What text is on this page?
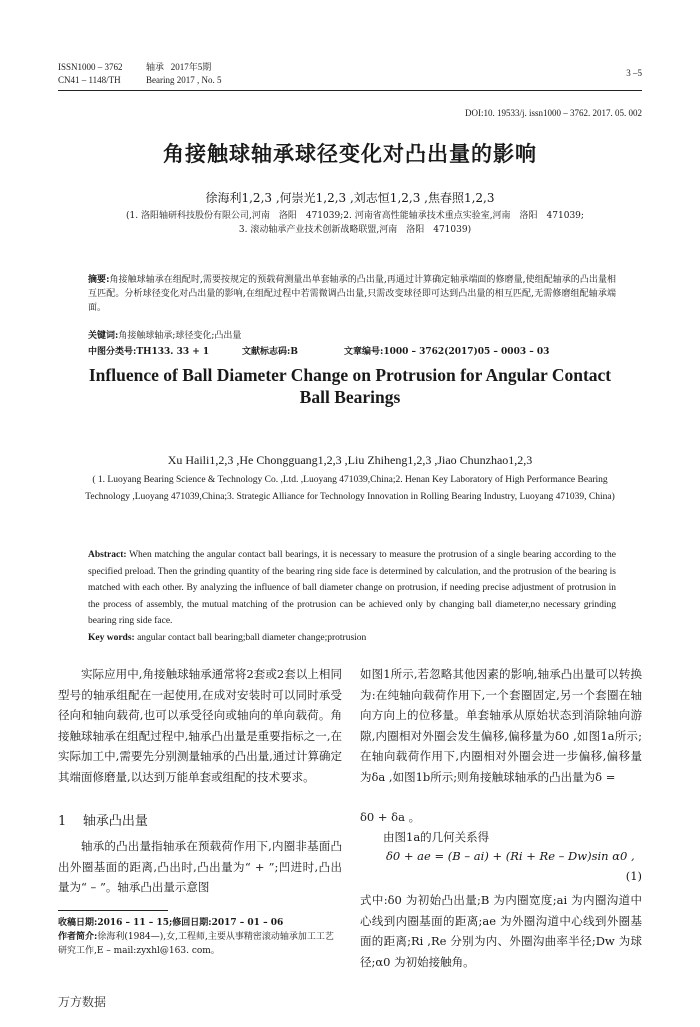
ISSN1000 – 3762	轴承 2017年5期
CN41 – 1148/TH	Bearing 2017 , No. 5
3 –5
DOI:10. 19533/j. issn1000 – 3762. 2017. 05. 002
角接触球轴承球径变化对凸出量的影响
徐海利1,2,3 ,何崇光1,2,3 ,刘志恒1,2,3 ,焦春照1,2,3
(1. 洛阳轴研科技股份有限公司,河南　洛阳　471039;2. 河南省高性能轴承技术重点实验室,河南　洛阳　471039;
3. 滚动轴承产业技术创新战略联盟,河南　洛阳　471039)
摘要:角接触球轴承在组配时,需要按规定的预载荷测量出单套轴承的凸出量,再通过计算确定轴承端面的修磨量,使组配轴承的凸出量相互匹配。分析球径变化对凸出量的影响,在组配过程中若需微调凸出量,只需改变球径即可达到凸出量的相互匹配,无需修磨组配轴承端面。
关键词:角接触球轴承;球径变化;凸出量
中图分类号:TH133. 33 + 1	文献标志码:B	文章编号:1000 – 3762(2017)05 – 0003 – 03
Influence of Ball Diameter Change on Protrusion for Angular Contact Ball Bearings
Xu Haili1,2,3 ,He Chongguang1,2,3 ,Liu Zhiheng1,2,3 ,Jiao Chunzhao1,2,3
( 1. Luoyang Bearing Science & Technology Co. ,Ltd. ,Luoyang 471039,China;2. Henan Key Laboratory of High Performance Bearing Technology ,Luoyang 471039,China;3. Strategic Alliance for Technology Innovation in Rolling Bearing Industry, Luoyang 471039, China)
Abstract: When matching the angular contact ball bearings, it is necessary to measure the protrusion of a single bearing according to the specified preload. Then the grinding quantity of the bearing ring side face is determined by calculation, and the protrusion of the bearing is matched with each other. By analyzing the influence of ball diameter change on protrusion, if needing precise adjustment of protrusion in the process of assembly, the mutual matching of the protrusion can be achieved only by changing ball diameter,no necessary grinding bearing ring side face.
Key words: angular contact ball bearing;ball diameter change;protrusion
实际应用中,角接触球轴承通常将2套或2套以上相同型号的轴承组配在一起使用,在成对安装时可以同时承受径向和轴向载荷,也可以承受径向或轴向的单向载荷。角接触球轴承在组配过程中,轴承凸出量是重要指标之一,在实际加工中,需要先分别测量轴承的凸出量,通过计算确定其端面修磨量,以达到万能单套或组配的技术要求。
1 轴承凸出量
轴承的凸出量指轴承在预载荷作用下,内圈非基面凸出外圈基面的距离,凸出时,凸出量为“ + ”;凹进时,凸出量为“ – ”。轴承凸出量示意图
收稿日期:2016 – 11 – 15;修回日期:2017 – 01 – 06
作者简介:徐海利(1984—),女,工程师,主要从事精密滚动轴承加工工艺研究工作,E – mail:zyxhl@163. com。
如图1所示,若忽略其他因素的影响,轴承凸出量可以转换为:在纯轴向载荷作用下,一个套圈固定,另一个套圈在轴向方向上的位移量。单套轴承从原始状态到消除轴向游隙,内圈相对外圈会发生偏移,偏移量为δ0 ,如图1a所示;在轴向载荷作用下,内圈相对外圈会进一步偏移,偏移量为δa ,如图1b所示;则角接触球轴承的凸出量为δ =
δ0 + δa 。
由图1a的几何关系得
δ0 + ae = (B – ai) + (Ri + Re – Dw)sin α0 ,
(1)
式中:δ0 为初始凸出量;B 为内圈宽度;ai 为内圈沟道中心线到内圈基面的距离;ae 为外圈沟道中心线到外圈基面的距离;Ri ,Re 分别为内、外圈沟曲率半径;Dw 为球径;α0 为初始接触角。
万方数据
